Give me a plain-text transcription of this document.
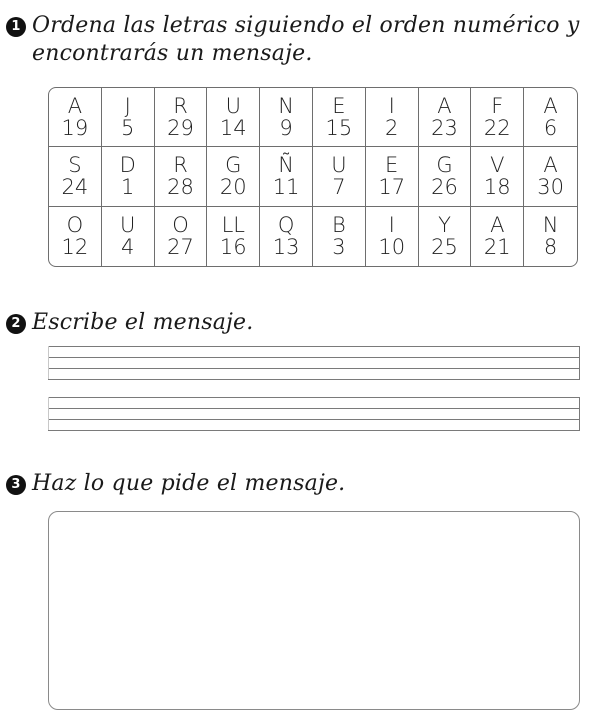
1 Ordena las letras siguiendo el orden numérico y
encontrarás un mensaje.
A
19
J
5
R
29
U
14
N
9
E
15
I
2
A
23
F
22
A
6
S
24
D
1
R
28
G
20
Ñ
11
U
7
E
17
G
26
V
18
A
30
O
12
U
4
O
27
LL
16
Q
13
B
3
I
10
Y
25
A
21
N
8
2 Escribe el mensaje.
3 Haz lo que pide el mensaje.
